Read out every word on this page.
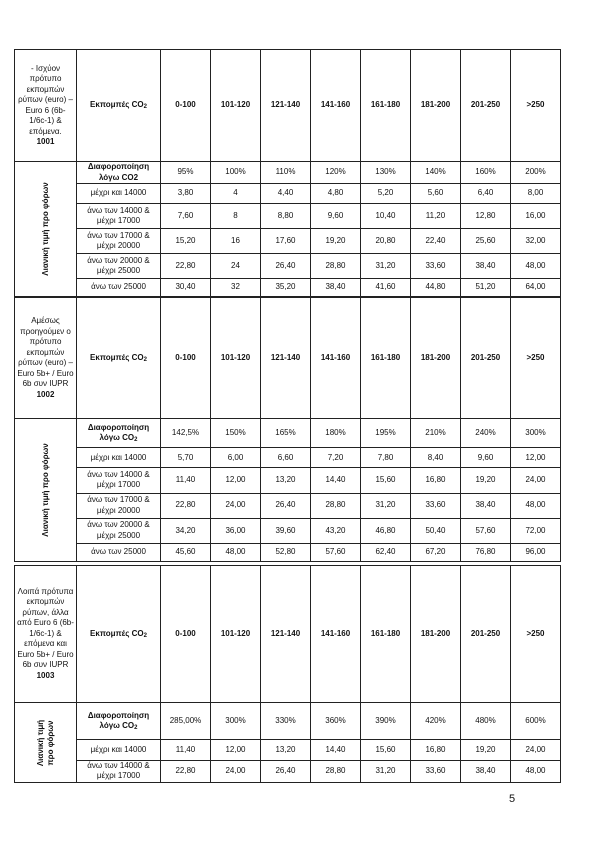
- Ισχύον πρότυπο εκπομπών ρύπων (euro) – Euro 6 (6b-1/6c-1) & επόμενα.
1001	Εκπομπές $CO_2$	0-100	101-120	121-140	141-160	161-180	181-200	201-250	>250

Λιανική τιμή προ φόρων	Διαφοροποίηση λόγω CO2	95%	100%	110%	120%	130%	140%	160%	200%
	μέχρι και 14000	3,80	4	4,40	4,80	5,20	5,60	6,40	8,00
	άνω των 14000 & μέχρι 17000	7,60	8	8,80	9,60	10,40	11,20	12,80	16,00
	άνω των 17000 & μέχρι 20000	15,20	16	17,60	19,20	20,80	22,40	25,60	32,00
	άνω των 20000 & μέχρι 25000	22,80	24	26,40	28,80	31,20	33,60	38,40	48,00
	άνω των 25000	30,40	32	35,20	38,40	41,60	44,80	51,20	64,00
Αμέσως προηγούμεν ο πρότυπο εκπομπών ρύπων (euro) – Euro 5b+ / Euro 6b συν IUPR
1002	Εκπομπές $CO_2$	0-100	101-120	121-140	141-160	161-180	181-200	201-250	>250

Λιανική τιμή προ φόρων	Διαφοροποίηση λόγω $CO_2$	142,5%	150%	165%	180%	195%	210%	240%	300%
	μέχρι και 14000	5,70	6,00	6,60	7,20	7,80	8,40	9,60	12,00
	άνω των 14000 & μέχρι 17000	11,40	12,00	13,20	14,40	15,60	16,80	19,20	24,00
	άνω των 17000 & μέχρι 20000	22,80	24,00	26,40	28,80	31,20	33,60	38,40	48,00
	άνω των 20000 & μέχρι 25000	34,20	36,00	39,60	43,20	46,80	50,40	57,60	72,00
	άνω των 25000	45,60	48,00	52,80	57,60	62,40	67,20	76,80	96,00
Λοιπά πρότυπα εκπομπών ρύπων, άλλα από Euro 6 (6b-1/6c-1) & επόμενα και Euro 5b+ / Euro 6b συν IUPR
1003	Εκπομπές $CO_2$	0-100	101-120	121-140	141-160	161-180	181-200	201-250	>250

Λιανική τιμή προ φόρων	Διαφοροποίηση λόγω $CO_2$	285,00%	300%	330%	360%	390%	420%	480%	600%
	μέχρι και 14000	11,40	12,00	13,20	14,40	15,60	16,80	19,20	24,00
	άνω των 14000 & μέχρι 17000	22,80	24,00	26,40	28,80	31,20	33,60	38,40	48,00
5
